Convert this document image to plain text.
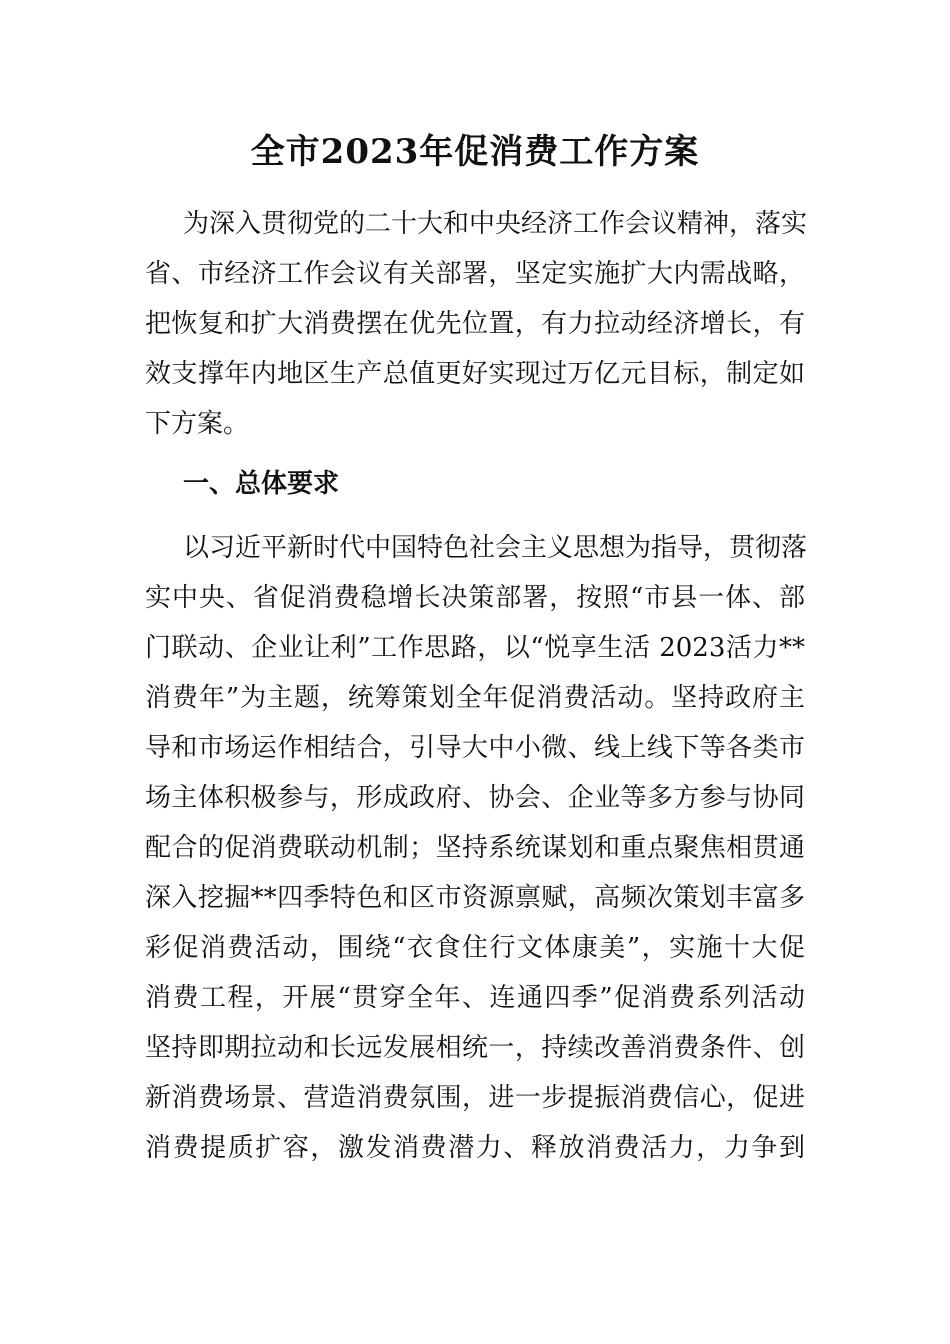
全市2023年促消费工作方案
为深入贯彻党的二十大和中央经济工作会议精神，落实
省、市经济工作会议有关部署，坚定实施扩大内需战略，
把恢复和扩大消费摆在优先位置，有力拉动经济增长，有
效支撑年内地区生产总值更好实现过万亿元目标，制定如
下方案。
一、总体要求
以习近平新时代中国特色社会主义思想为指导，贯彻落
实中央、省促消费稳增长决策部署，按照“市县一体、部
门联动、企业让利”工作思路，以“悦享生活 2023活力**
消费年”为主题，统筹策划全年促消费活动。坚持政府主
导和市场运作相结合，引导大中小微、线上线下等各类市
场主体积极参与，形成政府、协会、企业等多方参与协同
配合的促消费联动机制；坚持系统谋划和重点聚焦相贯通
深入挖掘**四季特色和区市资源禀赋，高频次策划丰富多
彩促消费活动，围绕“衣食住行文体康美”，实施十大促
消费工程，开展“贯穿全年、连通四季”促消费系列活动
坚持即期拉动和长远发展相统一，持续改善消费条件、创
新消费场景、营造消费氛围，进一步提振消费信心，促进
消费提质扩容，激发消费潜力、释放消费活力，力争到
